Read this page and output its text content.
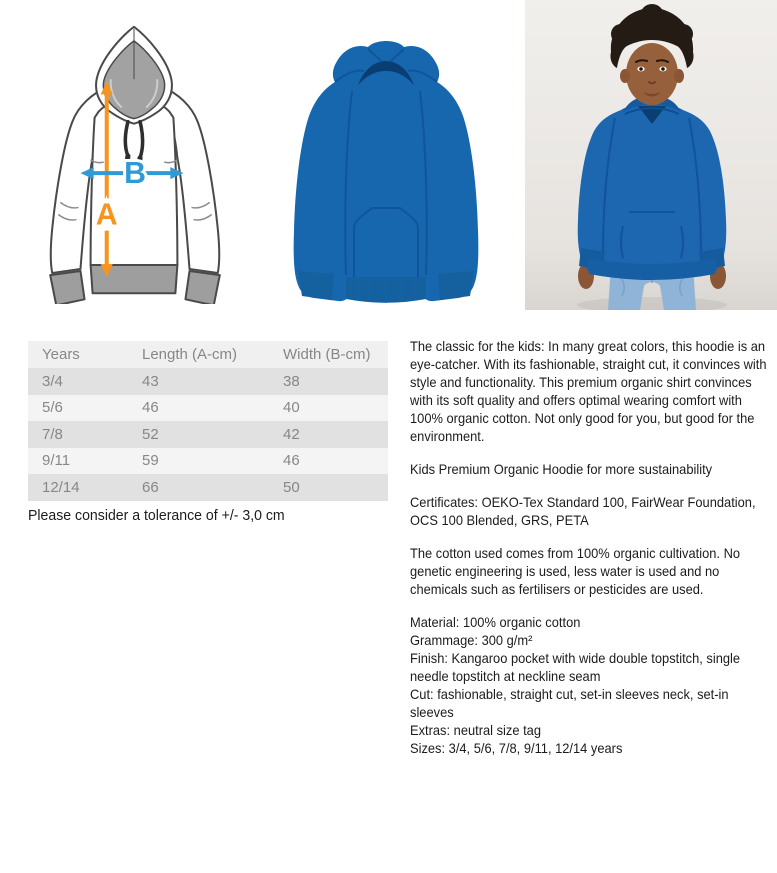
A
B
Years	Length (A-cm)	Width (B-cm)
3/4	43	38
5/6	46	40
7/8	52	42
9/11	59	46
12/14	66	50
Please consider a tolerance of +/- 3,0 cm
The classic for the kids: In many great colors, this hoodie is an eye-catcher. With its fashionable, straight cut, it convinces with style and functionality. This premium organic shirt convinces with its soft quality and offers optimal wearing comfort with 100% organic cotton. Not only good for you, but good for the environment.
Kids Premium Organic Hoodie for more sustainability
Certificates: OEKO-Tex Standard 100, FairWear Foundation, OCS 100 Blended, GRS, PETA
The cotton used comes from 100% organic cultivation. No genetic engineering is used, less water is used and no chemicals such as fertilisers or pesticides are used.
Material: 100% organic cotton
Grammage: 300 g/m²
Finish: Kangaroo pocket with wide double topstitch, single needle topstitch at neckline seam
Cut: fashionable, straight cut, set-in sleeves neck, set-in sleeves
Extras: neutral size tag
Sizes: 3/4, 5/6, 7/8, 9/11, 12/14 years
